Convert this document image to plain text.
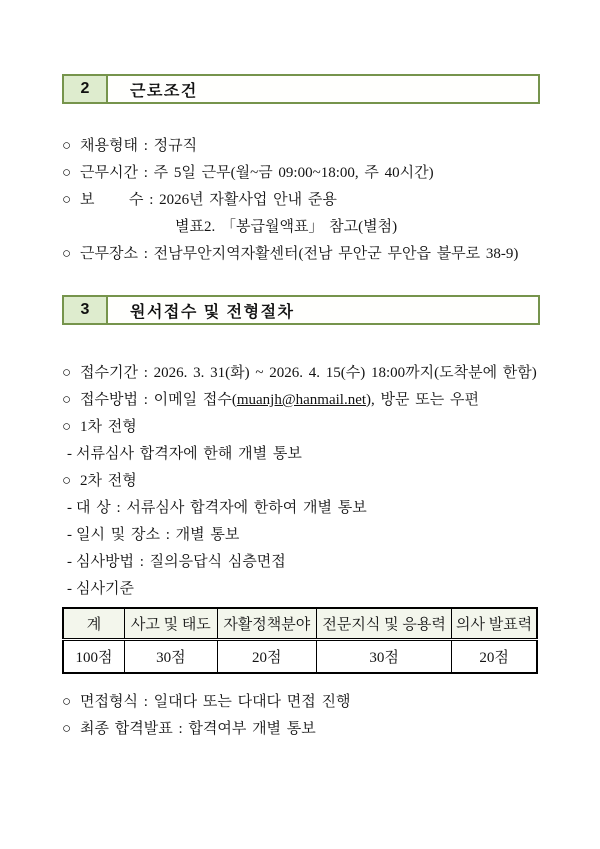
2	근로조건
○ 채용형태 : 정규직
○ 근무시간 : 주 5일 근무(월~금 09:00~18:00, 주 40시간)
○ 보      수 : 2026년 자활사업 안내 준용
별표2. 「봉급월액표」 참고(별첨)
○ 근무장소 : 전남무안지역자활센터(전남 무안군 무안읍 불무로 38-9)
3	원서접수 및 전형절차
○ 접수기간 : 2026. 3. 31(화) ~ 2026. 4. 15(수) 18:00까지(도착분에 한함)
○ 접수방법 : 이메일 접수(muanjh@hanmail.net), 방문 또는 우편
○ 1차 전형
- 서류심사 합격자에 한해 개별 통보
○ 2차 전형
- 대 상 : 서류심사 합격자에 한하여 개별 통보
- 일시 및 장소 : 개별 통보
- 심사방법 : 질의응답식 심층면접
- 심사기준
계	사고 및 태도	자활정책분야	전문지식 및 응용력	의사 발표력
100점	30점	20점	30점	20점
○ 면접형식 : 일대다 또는 다대다 면접 진행
○ 최종 합격발표 : 합격여부 개별 통보
